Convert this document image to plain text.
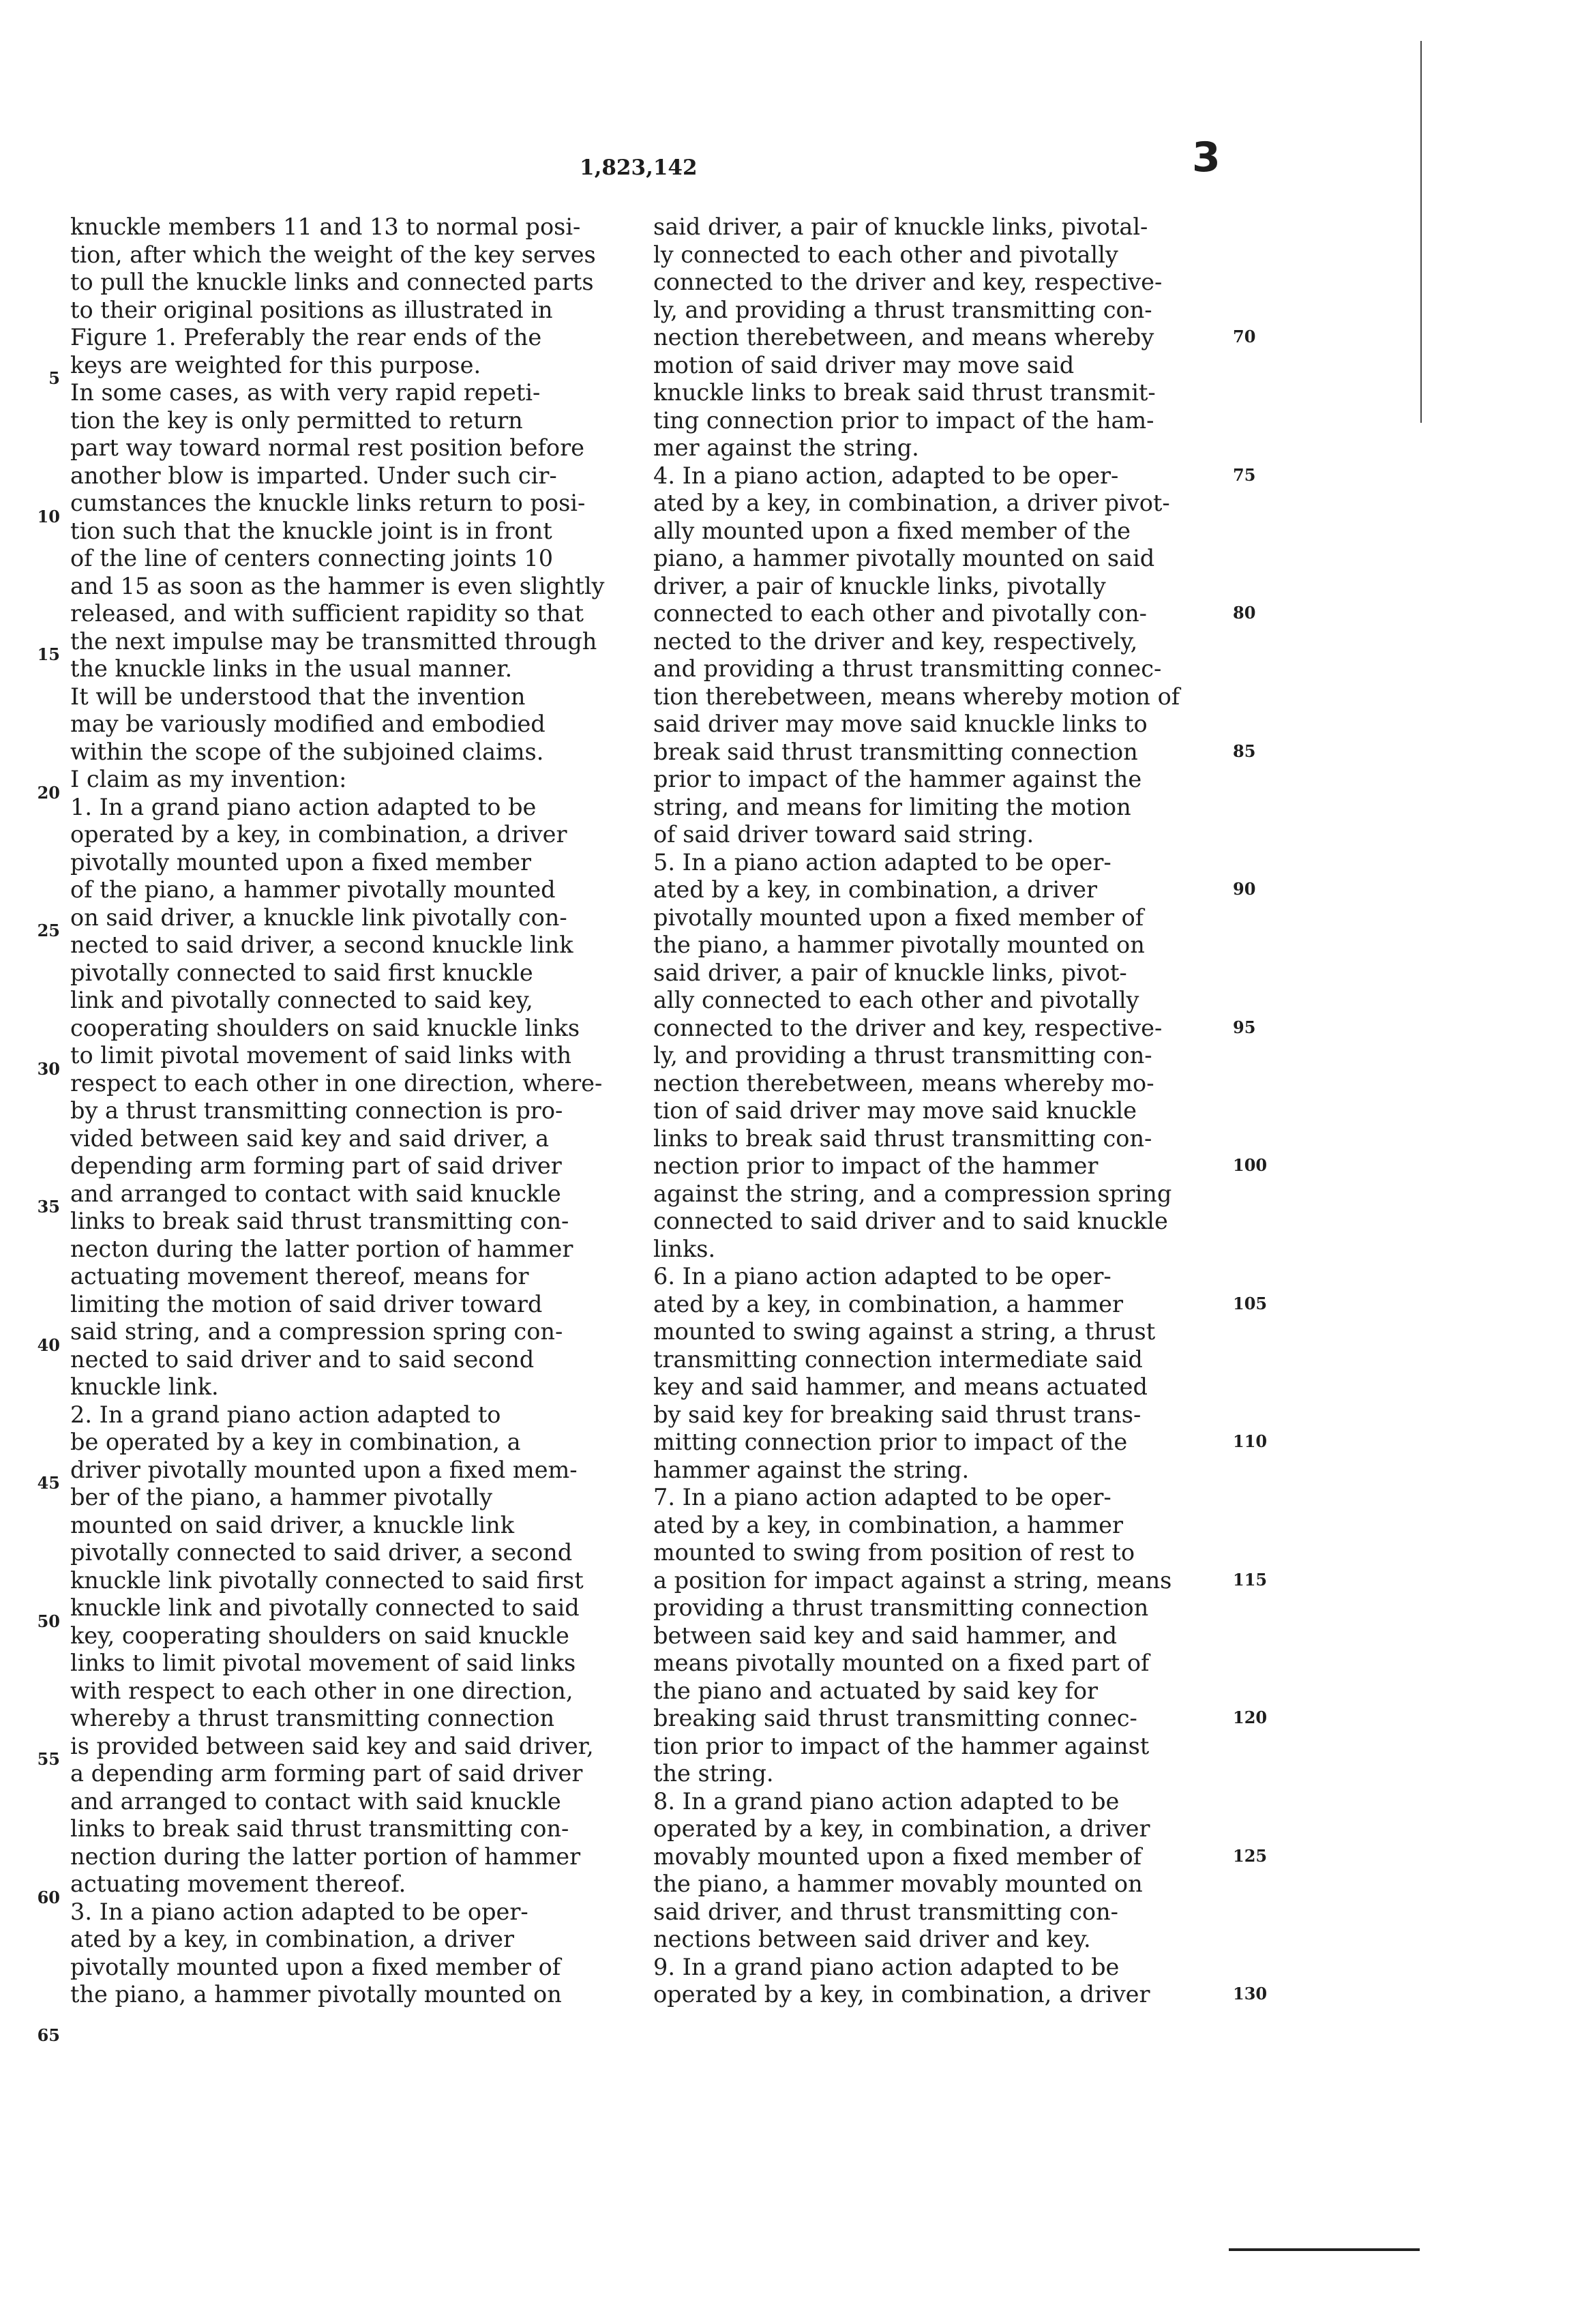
1,823,142	3
knuckle members 11 and 13 to normal posi-
tion, after which the weight of the key serves
to pull the knuckle links and connected parts
to their original positions as illustrated in
Figure 1. Preferably the rear ends of the
keys are weighted for this purpose.
In some cases, as with very rapid repeti-
tion the key is only permitted to return
part way toward normal rest position before
another blow is imparted. Under such cir-
cumstances the knuckle links return to posi-
tion such that the knuckle joint is in front
of the line of centers connecting joints 10
and 15 as soon as the hammer is even slightly
released, and with sufficient rapidity so that
the next impulse may be transmitted through
the knuckle links in the usual manner.
It will be understood that the invention
may be variously modified and embodied
within the scope of the subjoined claims.
I claim as my invention:
1. In a grand piano action adapted to be
operated by a key, in combination, a driver
pivotally mounted upon a fixed member
of the piano, a hammer pivotally mounted
on said driver, a knuckle link pivotally con-
nected to said driver, a second knuckle link
pivotally connected to said first knuckle
link and pivotally connected to said key,
cooperating shoulders on said knuckle links
to limit pivotal movement of said links with
respect to each other in one direction, where-
by a thrust transmitting connection is pro-
vided between said key and said driver, a
depending arm forming part of said driver
and arranged to contact with said knuckle
links to break said thrust transmitting con-
necton during the latter portion of hammer
actuating movement thereof, means for
limiting the motion of said driver toward
said string, and a compression spring con-
nected to said driver and to said second
knuckle link.
2. In a grand piano action adapted to
be operated by a key in combination, a
driver pivotally mounted upon a fixed mem-
ber of the piano, a hammer pivotally
mounted on said driver, a knuckle link
pivotally connected to said driver, a second
knuckle link pivotally connected to said first
knuckle link and pivotally connected to said
key, cooperating shoulders on said knuckle
links to limit pivotal movement of said links
with respect to each other in one direction,
whereby a thrust transmitting connection
is provided between said key and said driver,
a depending arm forming part of said driver
and arranged to contact with said knuckle
links to break said thrust transmitting con-
nection during the latter portion of hammer
actuating movement thereof.
3. In a piano action adapted to be oper-
ated by a key, in combination, a driver
pivotally mounted upon a fixed member of
the piano, a hammer pivotally mounted on
said driver, a pair of knuckle links, pivotal-
ly connected to each other and pivotally
connected to the driver and key, respective-
ly, and providing a thrust transmitting con-
nection therebetween, and means whereby
motion of said driver may move said
knuckle links to break said thrust transmit-
ting connection prior to impact of the ham-
mer against the string.
4. In a piano action, adapted to be oper-
ated by a key, in combination, a driver pivot-
ally mounted upon a fixed member of the
piano, a hammer pivotally mounted on said
driver, a pair of knuckle links, pivotally
connected to each other and pivotally con-
nected to the driver and key, respectively,
and providing a thrust transmitting connec-
tion therebetween, means whereby motion of
said driver may move said knuckle links to
break said thrust transmitting connection
prior to impact of the hammer against the
string, and means for limiting the motion
of said driver toward said string.
5. In a piano action adapted to be oper-
ated by a key, in combination, a driver
pivotally mounted upon a fixed member of
the piano, a hammer pivotally mounted on
said driver, a pair of knuckle links, pivot-
ally connected to each other and pivotally
connected to the driver and key, respective-
ly, and providing a thrust transmitting con-
nection therebetween, means whereby mo-
tion of said driver may move said knuckle
links to break said thrust transmitting con-
nection prior to impact of the hammer
against the string, and a compression spring
connected to said driver and to said knuckle
links.
6. In a piano action adapted to be oper-
ated by a key, in combination, a hammer
mounted to swing against a string, a thrust
transmitting connection intermediate said
key and said hammer, and means actuated
by said key for breaking said thrust trans-
mitting connection prior to impact of the
hammer against the string.
7. In a piano action adapted to be oper-
ated by a key, in combination, a hammer
mounted to swing from position of rest to
a position for impact against a string, means
providing a thrust transmitting connection
between said key and said hammer, and
means pivotally mounted on a fixed part of
the piano and actuated by said key for
breaking said thrust transmitting connec-
tion prior to impact of the hammer against
the string.
8. In a grand piano action adapted to be
operated by a key, in combination, a driver
movably mounted upon a fixed member of
the piano, a hammer movably mounted on
said driver, and thrust transmitting con-
nections between said driver and key.
9. In a grand piano action adapted to be
operated by a key, in combination, a driver
5
10
15
20
25
30
35
40
45
50
55
60
65
70
75
80
85
90
95
100
105
110
115
120
125
130
